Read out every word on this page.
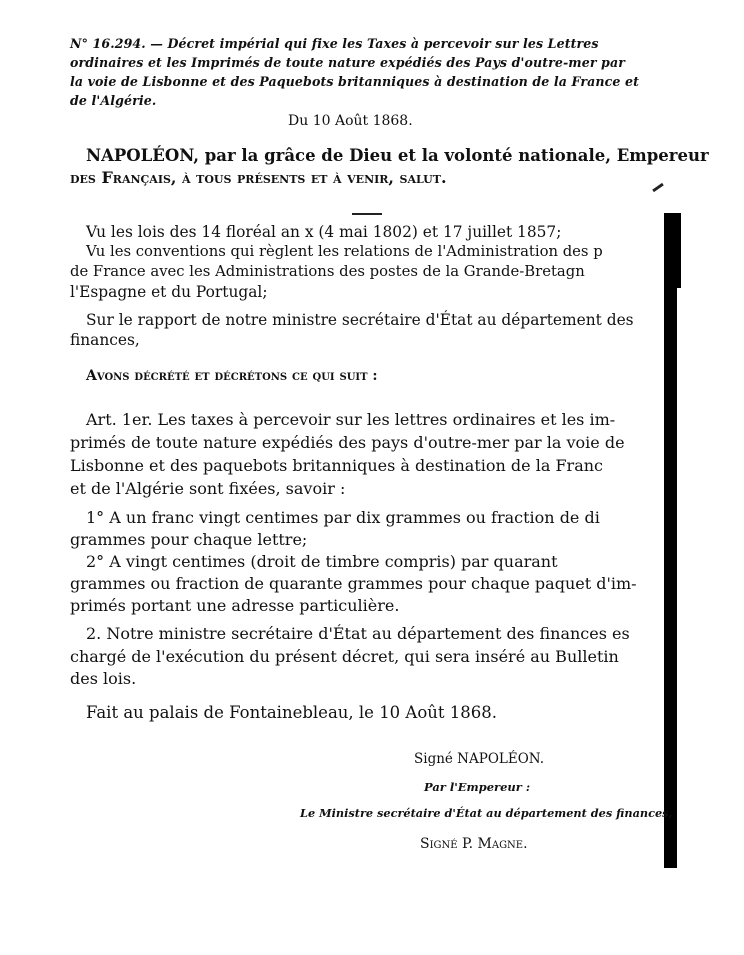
N° 16.294. — Décret impérial qui fixe les Taxes à percevoir sur les Lettres

ordinaires et les Imprimés de toute nature expédiés des Pays d'outre-mer par

la voie de Lisbonne et des Paquebots britanniques à destination de la France et

de l'Algérie.

Du 10 Août 1868.

NAPOLÉON, par la grâce de Dieu et la volonté nationale, Empereur

des Français, à tous présents et à venir, salut.

Vu les lois des 14 floréal an x (4 mai 1802) et 17 juillet 1857;

Vu les conventions qui règlent les relations de l'Administration des p

de France avec les Administrations des postes de la Grande-Bretagn

l'Espagne et du Portugal;

Sur le rapport de notre ministre secrétaire d'État au département des

finances,

Avons décrété et décrétons ce qui suit :

Art. 1er. Les taxes à percevoir sur les lettres ordinaires et les im-

primés de toute nature expédiés des pays d'outre-mer par la voie de

Lisbonne et des paquebots britanniques à destination de la Franc

et de l'Algérie sont fixées, savoir :

1° A un franc vingt centimes par dix grammes ou fraction de di

grammes pour chaque lettre;

2° A vingt centimes (droit de timbre compris) par quarant

grammes ou fraction de quarante grammes pour chaque paquet d'im-

primés portant une adresse particulière.

2. Notre ministre secrétaire d'État au département des finances es

chargé de l'exécution du présent décret, qui sera inséré au Bulletin

des lois.

Fait au palais de Fontainebleau, le 10 Août 1868.

Signé NAPOLÉON.

Par l'Empereur :

Le Ministre secrétaire d'État au département des finances,

Signé P. Magne.
